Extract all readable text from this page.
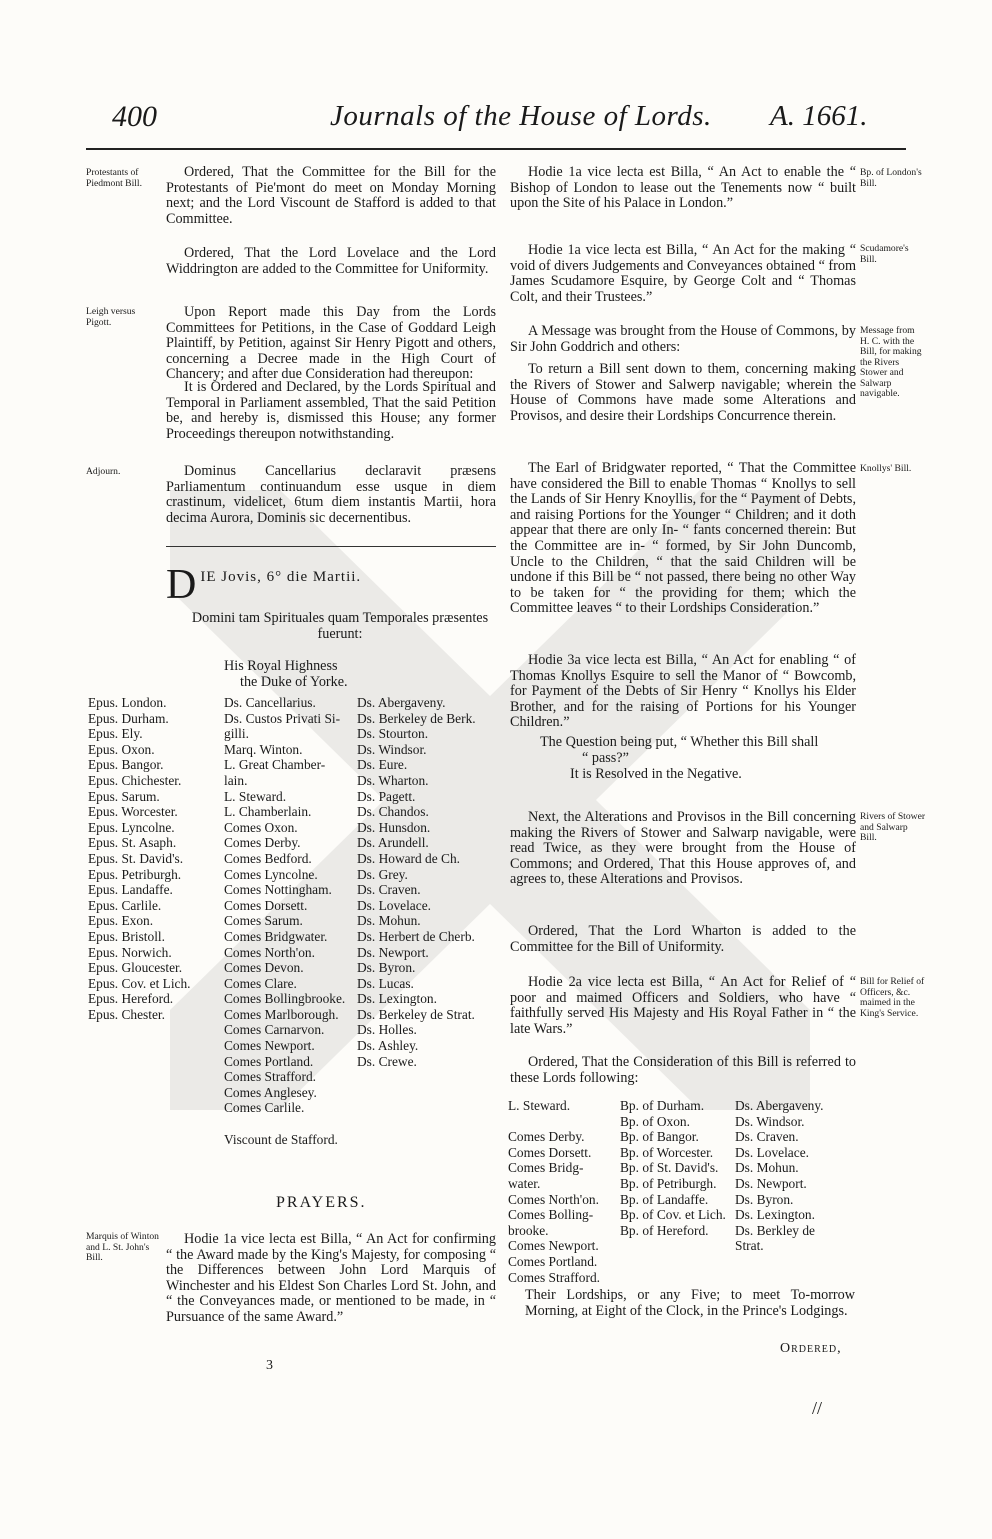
400	Journals of the House of Lords. A. 1661.
Protestants of Piedmont Bill.

Ordered, That the Committee for the Bill for the Protestants of Pie'mont do meet on Monday Morning next; and the Lord Viscount de Stafford is added to that Committee.

Ordered, That the Lord Lovelace and the Lord Widdrington are added to the Committee for Uniformity.

Leigh versus Pigott.

Upon Report made this Day from the Lords Committees for Petitions, in the Case of Goddard Leigh Plaintiff, by Petition, against Sir Henry Pigott and others, concerning a Decree made in the High Court of Chancery; and after due Consideration had thereupon:

It is Ordered and Declared, by the Lords Spiritual and Temporal in Parliament assembled, That the said Petition be, and hereby is, dismissed this House; any former Proceedings thereupon notwithstanding.

Adjourn.	Dominus Cancellarius declaravit præsens Parliamentum continuandum esse usque in diem crastinum, videlicet, 6tum diem instantis Martii, hora decima Aurora, Dominis sic decernentibus.

D IE Jovis, 6° die Martii.
Domini tam Spirituales quam Temporales præsentes fuerunt:
His Royal Highness
the Duke of Yorke.
Epus. London.
Epus. Durham.
Epus. Ely.
Epus. Oxon.
Epus. Bangor.
Epus. Chichester.
Epus. Sarum.
Epus. Worcester.
Epus. Lyncolne.
Epus. St. Asaph.
Epus. St. David's.
Epus. Petriburgh.
Epus. Landaffe.
Epus. Carlile.
Epus. Exon.
Epus. Bristoll.
Epus. Norwich.
Epus. Gloucester.
Epus. Cov. et Lich.
Epus. Hereford.
Epus. Chester.
Ds. Cancellarius.
Ds. Custos Privati Si-
gilli.
Marq. Winton.
L. Great Chamber-
lain.
L. Steward.
L. Chamberlain.
Comes Oxon.
Comes Derby.
Comes Bedford.
Comes Lyncolne.
Comes Nottingham.
Comes Dorsett.
Comes Sarum.
Comes Bridgwater.
Comes North'on.
Comes Devon.
Comes Clare.
Comes Bollingbrooke.
Comes Marlborough.
Comes Carnarvon.
Comes Newport.
Comes Portland.
Comes Strafford.
Comes Anglesey.
Comes Carlile.

Viscount de Stafford.
Ds. Abergaveny.
Ds. Berkeley de Berk.
Ds. Stourton.
Ds. Windsor.
Ds. Eure.
Ds. Wharton.
Ds. Pagett.
Ds. Chandos.
Ds. Hunsdon.
Ds. Arundell.
Ds. Howard de Ch.
Ds. Grey.
Ds. Craven.
Ds. Lovelace.
Ds. Mohun.
Ds. Herbert de Cherb.
Ds. Newport.
Ds. Byron.
Ds. Lucas.
Ds. Lexington.
Ds. Berkeley de Strat.
Ds. Holles.
Ds. Ashley.
Ds. Crewe.
PRAYERS.
Marquis of Winton and L. St. John's Bill.

Hodie 1a vice lecta est Billa, “ An Act for confirming “ the Award made by the King's Majesty, for composing “ the Differences between John Lord Marquis of Winchester and his Eldest Son Charles Lord St. John, and “ the Conveyances made, or mentioned to be made, in “ Pursuance of the same Award.”

3

Hodie 1a vice lecta est Billa, “ An Act to enable the “ Bishop of London to lease out the Tenements now “ built upon the Site of his Palace in London.”

Bp. of London's Bill.

Hodie 1a vice lecta est Billa, “ An Act for the making “ void of divers Judgements and Conveyances obtained “ from James Scudamore Esquire, by George Colt and “ Thomas Colt, and their Trustees.”

Scudamore's Bill.

A Message was brought from the House of Commons, by Sir John Goddrich and others:

To return a Bill sent down to them, concerning making the Rivers of Stower and Salwerp navigable; wherein the House of Commons have made some Alterations and Provisos, and desire their Lordships Concurrence therein.

Message from H. C. with the Bill, for making the Rivers Stower and Salwarp navigable.

The Earl of Bridgwater reported, “ That the Committee have considered the Bill to enable Thomas “ Knollys to sell the Lands of Sir Henry Knoyllis, for the “ Payment of Debts, and raising Portions for the Younger “ Children; and it doth appear that there are only In- “ fants concerned therein: But the Committee are in- “ formed, by Sir John Duncomb, Uncle to the Children, “ that the said Children will be undone if this Bill be “ not passed, there being no other Way to be taken for “ the providing for them; which the Committee leaves “ to their Lordships Consideration.”

Knollys' Bill.

Hodie 3a vice lecta est Billa, “ An Act for enabling “ of Thomas Knollys Esquire to sell the Manor of “ Bowcomb, for Payment of the Debts of Sir Henry “ Knollys his Elder Brother, and for the raising of Portions for his Younger Children.”

The Question being put, “ Whether this Bill shall
“ pass?”
It is Resolved in the Negative.

Next, the Alterations and Provisos in the Bill concerning making the Rivers of Stower and Salwarp navigable, were read Twice, as they were brought from the House of Commons; and Ordered, That this House approves of, and agrees to, these Alterations and Provisos.

Rivers of Stower and Salwarp Bill.

Ordered, That the Lord Wharton is added to the Committee for the Bill of Uniformity.

Hodie 2a vice lecta est Billa, “ An Act for Relief of “ poor and maimed Officers and Soldiers, who have “ faithfully served His Majesty and His Royal Father in “ the late Wars.”

Bill for Relief of Officers, &c. maimed in the King's Service.

Ordered, That the Consideration of this Bill is referred to these Lords following:

L. Steward.

Comes Derby.
Comes Dorsett.
Comes Bridg-
water.
Comes North'on.
Comes Bolling-
brooke.
Comes Newport.
Comes Portland.
Comes Strafford.
Bp. of Durham.
Bp. of Oxon.
Bp. of Bangor.
Bp. of Worcester.
Bp. of St. David's.
Bp. of Petriburgh.
Bp. of Landaffe.
Bp. of Cov. et Lich.
Bp. of Hereford.
Ds. Abergaveny.
Ds. Windsor.
Ds. Craven.
Ds. Lovelace.
Ds. Mohun.
Ds. Newport.
Ds. Byron.
Ds. Lexington.
Ds. Berkley de
Strat.

Their Lordships, or any Five; to meet To-morrow Morning, at Eight of the Clock, in the Prince's Lodgings.

Ordered,
//
